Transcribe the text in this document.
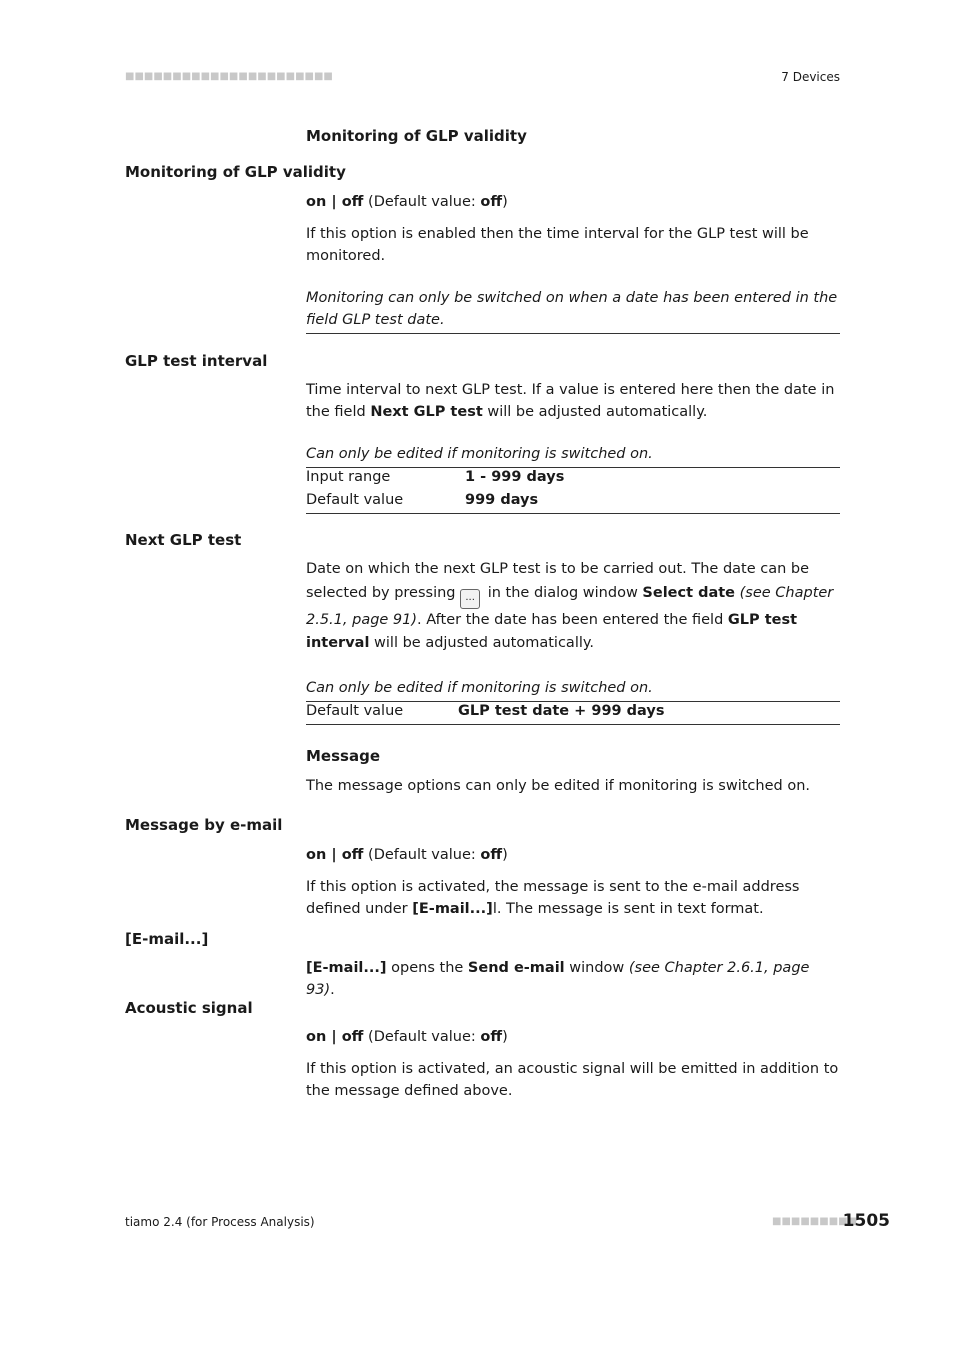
■■■■■■■■■■■■■■■■■■■■■■	7 Devices
Monitoring of GLP validity
Monitoring of GLP validity
on | off (Default value: off)
If this option is enabled then the time interval for the GLP test will be monitored.
Monitoring can only be switched on when a date has been entered in the field GLP test date.
GLP test interval
Time interval to next GLP test. If a value is entered here then the date in the field Next GLP test will be adjusted automatically.
Can only be edited if monitoring is switched on.
Input range	1 - 999 days
Default value	999 days
Next GLP test
Date on which the next GLP test is to be carried out. The date can be selected by pressing ... in the dialog window Select date (see Chapter 2.5.1, page 91). After the date has been entered the field GLP test interval will be adjusted automatically.
Can only be edited if monitoring is switched on.
Default value	GLP test date + 999 days
Message
The message options can only be edited if monitoring is switched on.
Message by e-mail
on | off (Default value: off)
If this option is activated, the message is sent to the e-mail address defined under [E-mail...]l. The message is sent in text format.
[E-mail...]
[E-mail...] opens the Send e-mail window (see Chapter 2.6.1, page 93).
Acoustic signal
on | off (Default value: off)
If this option is activated, an acoustic signal will be emitted in addition to the message defined above.
tiamo 2.4 (for Process Analysis)	■■■■■■■■■
1505
